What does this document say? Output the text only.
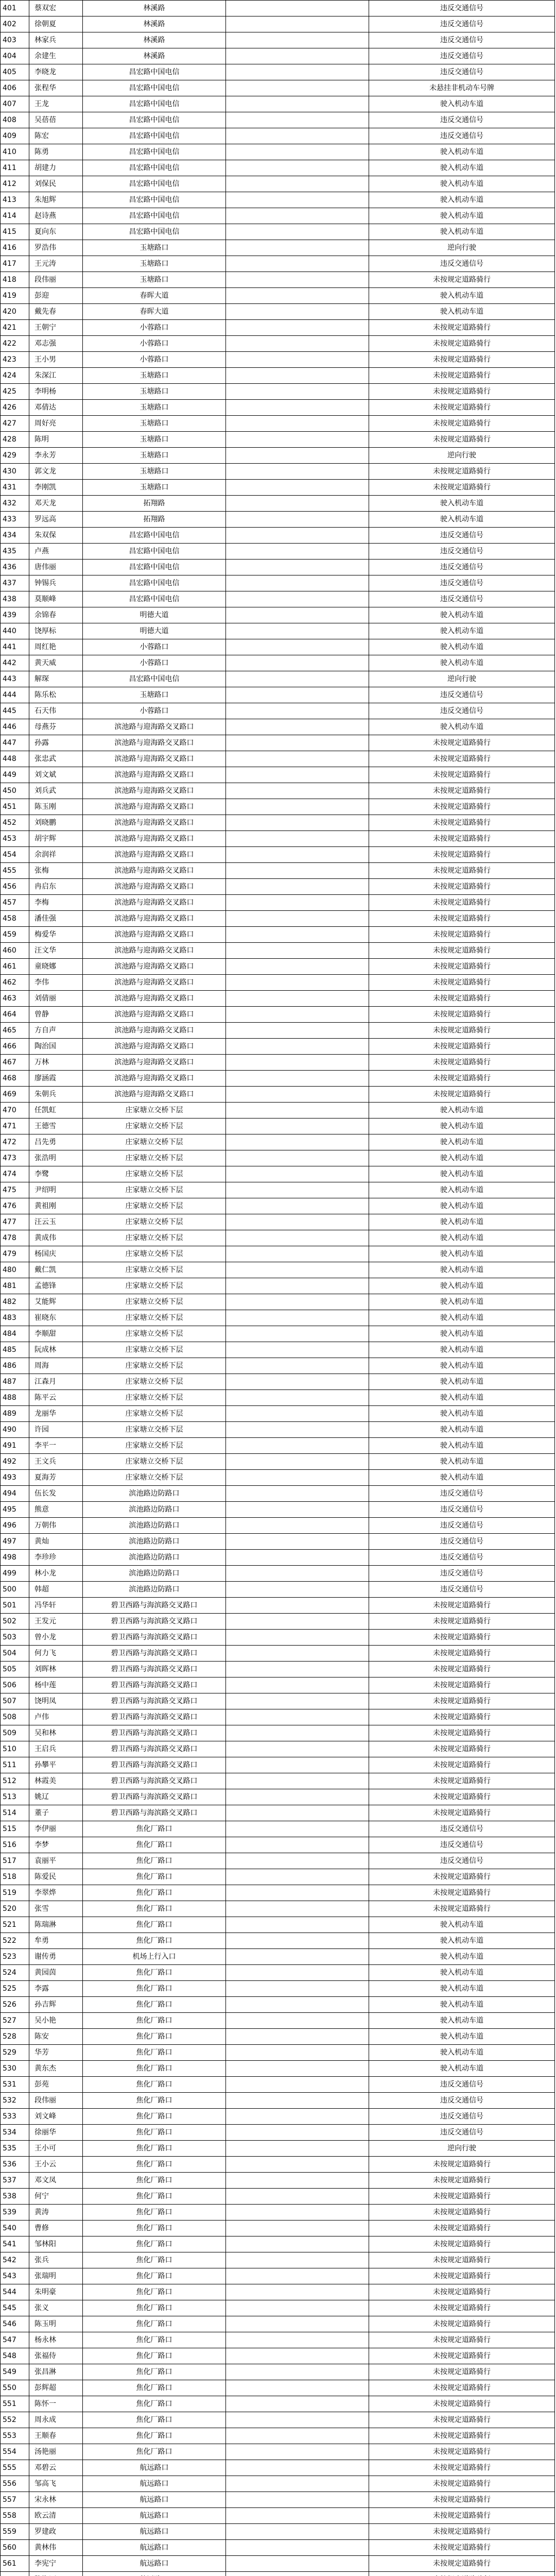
401	蔡双宏	林溪路		违反交通信号
402	徐朝夏	林溪路		违反交通信号
403	林家兵	林溪路		违反交通信号
404	余建生	林溪路		违反交通信号
405	李晓龙	昌宏路中国电信		违反交通信号
406	张程华	昌宏路中国电信		未悬挂非机动车号牌
407	王龙	昌宏路中国电信		驶入机动车道
408	吴蓓蓓	昌宏路中国电信		违反交通信号
409	陈宏	昌宏路中国电信		违反交通信号
410	陈勇	昌宏路中国电信		驶入机动车道
411	胡建力	昌宏路中国电信		驶入机动车道
412	刘保民	昌宏路中国电信		驶入机动车道
413	朱旭辉	昌宏路中国电信		驶入机动车道
414	赵诗燕	昌宏路中国电信		驶入机动车道
415	夏向东	昌宏路中国电信		驶入机动车道
416	罗浩伟	玉塘路口		逆向行驶
417	王元涛	玉塘路口		违反交通信号
418	段伟丽	玉塘路口		未按规定道路骑行
419	彭迎	春晖大道		驶入机动车道
420	戴先春	春晖大道		驶入机动车道
421	王朝宁	小蓉路口		未按规定道路骑行
422	邓志强	小蓉路口		未按规定道路骑行
423	王小男	小蓉路口		未按规定道路骑行
424	朱深江	玉塘路口		未按规定道路骑行
425	李明杨	玉塘路口		未按规定道路骑行
426	邓倩达	玉塘路口		未按规定道路骑行
427	周好亮	玉塘路口		未按规定道路骑行
428	陈明	玉塘路口		未按规定道路骑行
429	李永芳	玉塘路口		逆向行驶
430	郭文龙	玉塘路口		未按规定道路骑行
431	李刚凯	玉塘路口		未按规定道路骑行
432	邓天龙	拓翔路		驶入机动车道
433	罗远高	拓翔路		驶入机动车道
434	朱双保	昌宏路中国电信		违反交通信号
435	卢燕	昌宏路中国电信		违反交通信号
436	唐伟丽	昌宏路中国电信		违反交通信号
437	钟锡兵	昌宏路中国电信		违反交通信号
438	莫顺峰	昌宏路中国电信		违反交通信号
439	余锦春	明德大道		驶入机动车道
440	饶厚标	明德大道		驶入机动车道
441	周红艳	小蓉路口		驶入机动车道
442	黄天威	小蓉路口		驶入机动车道
443	解琛	昌宏路中国电信		逆向行驶
444	陈乐松	玉塘路口		违反交通信号
445	石天伟	小蓉路口		违反交通信号
446	母燕芬	滨池路与迎海路交叉路口		驶入机动车道
447	孙露	滨池路与迎海路交叉路口		未按规定道路骑行
448	张忠武	滨池路与迎海路交叉路口		未按规定道路骑行
449	刘文斌	滨池路与迎海路交叉路口		未按规定道路骑行
450	刘兵武	滨池路与迎海路交叉路口		未按规定道路骑行
451	陈玉刚	滨池路与迎海路交叉路口		未按规定道路骑行
452	刘晓鹏	滨池路与迎海路交叉路口		未按规定道路骑行
453	胡宇辉	滨池路与迎海路交叉路口		未按规定道路骑行
454	余润祥	滨池路与迎海路交叉路口		未按规定道路骑行
455	张梅	滨池路与迎海路交叉路口		未按规定道路骑行
456	冉启东	滨池路与迎海路交叉路口		未按规定道路骑行
457	李梅	滨池路与迎海路交叉路口		未按规定道路骑行
458	潘佳强	滨池路与迎海路交叉路口		未按规定道路骑行
459	梅爱华	滨池路与迎海路交叉路口		未按规定道路骑行
460	汪文华	滨池路与迎海路交叉路口		未按规定道路骑行
461	童晓娜	滨池路与迎海路交叉路口		未按规定道路骑行
462	李伟	滨池路与迎海路交叉路口		未按规定道路骑行
463	刘倩丽	滨池路与迎海路交叉路口		未按规定道路骑行
464	曾静	滨池路与迎海路交叉路口		未按规定道路骑行
465	方自声	滨池路与迎海路交叉路口		未按规定道路骑行
466	陶治国	滨池路与迎海路交叉路口		未按规定道路骑行
467	万林	滨池路与迎海路交叉路口		未按规定道路骑行
468	廖涵霞	滨池路与迎海路交叉路口		未按规定道路骑行
469	朱朝兵	滨池路与迎海路交叉路口		未按规定道路骑行
470	任凯虹	庄家塘立交桥下层		驶入机动车道
471	王德雪	庄家塘立交桥下层		驶入机动车道
472	吕先勇	庄家塘立交桥下层		驶入机动车道
473	张浩明	庄家塘立交桥下层		驶入机动车道
474	李鹭	庄家塘立交桥下层		驶入机动车道
475	尹绍明	庄家塘立交桥下层		驶入机动车道
476	黄祖刚	庄家塘立交桥下层		驶入机动车道
477	汪云玉	庄家塘立交桥下层		驶入机动车道
478	黄成伟	庄家塘立交桥下层		驶入机动车道
479	杨国庆	庄家塘立交桥下层		驶入机动车道
480	戴仁凯	庄家塘立交桥下层		驶入机动车道
481	孟德锋	庄家塘立交桥下层		驶入机动车道
482	艾能辉	庄家塘立交桥下层		驶入机动车道
483	崔晓东	庄家塘立交桥下层		驶入机动车道
484	李顺甜	庄家塘立交桥下层		驶入机动车道
485	阮成林	庄家塘立交桥下层		驶入机动车道
486	周海	庄家塘立交桥下层		驶入机动车道
487	江森月	庄家塘立交桥下层		驶入机动车道
488	陈平云	庄家塘立交桥下层		驶入机动车道
489	龙丽华	庄家塘立交桥下层		驶入机动车道
490	许园	庄家塘立交桥下层		驶入机动车道
491	李平一	庄家塘立交桥下层		驶入机动车道
492	王文兵	庄家塘立交桥下层		驶入机动车道
493	夏海芳	庄家塘立交桥下层		驶入机动车道
494	伍长发	滨池路边防路口		违反交通信号
495	熊意	滨池路边防路口		违反交通信号
496	万朝伟	滨池路边防路口		违反交通信号
497	黄灿	滨池路边防路口		违反交通信号
498	李珍珍	滨池路边防路口		违反交通信号
499	林小龙	滨池路边防路口		违反交通信号
500	韩超	滨池路边防路口		违反交通信号
501	冯华轩	碧卫西路与海滨路交叉路口		未按规定道路骑行
502	王发元	碧卫西路与海滨路交叉路口		未按规定道路骑行
503	曾小龙	碧卫西路与海滨路交叉路口		未按规定道路骑行
504	何力飞	碧卫西路与海滨路交叉路口		未按规定道路骑行
505	刘晖林	碧卫西路与海滨路交叉路口		未按规定道路骑行
506	杨中莲	碧卫西路与海滨路交叉路口		未按规定道路骑行
507	饶明凤	碧卫西路与海滨路交叉路口		未按规定道路骑行
508	卢伟	碧卫西路与海滨路交叉路口		未按规定道路骑行
509	吴和林	碧卫西路与海滨路交叉路口		未按规定道路骑行
510	王启兵	碧卫西路与海滨路交叉路口		未按规定道路骑行
511	孙攀平	碧卫西路与海滨路交叉路口		未按规定道路骑行
512	林霞美	碧卫西路与海滨路交叉路口		未按规定道路骑行
513	姚辽	碧卫西路与海滨路交叉路口		未按规定道路骑行
514	董子	碧卫西路与海滨路交叉路口		未按规定道路骑行
515	李伊丽	焦化厂路口		违反交通信号
516	李梦	焦化厂路口		违反交通信号
517	袁丽平	焦化厂路口		违反交通信号
518	陈爱民	焦化厂路口		未按规定道路骑行
519	李翠烨	焦化厂路口		未按规定道路骑行
520	张雪	焦化厂路口		未按规定道路骑行
521	陈瑞淋	焦化厂路口		驶入机动车道
522	牟勇	焦化厂路口		驶入机动车道
523	谢传勇	机场上行入口		驶入机动车道
524	黄园茵	焦化厂路口		驶入机动车道
525	李露	焦化厂路口		驶入机动车道
526	孙吉辉	焦化厂路口		驶入机动车道
527	吴小艳	焦化厂路口		驶入机动车道
528	陈安	焦化厂路口		驶入机动车道
529	华芳	焦化厂路口		驶入机动车道
530	黄东杰	焦化厂路口		驶入机动车道
531	彭苑	焦化厂路口		违反交通信号
532	段伟丽	焦化厂路口		违反交通信号
533	刘文峰	焦化厂路口		违反交通信号
534	徐丽华	焦化厂路口		违反交通信号
535	王小可	焦化厂路口		逆向行驶
536	王小云	焦化厂路口		未按规定道路骑行
537	邓文凤	焦化厂路口		未按规定道路骑行
538	何宁	焦化厂路口		未按规定道路骑行
539	黄涛	焦化厂路口		未按规定道路骑行
540	曹修	焦化厂路口		未按规定道路骑行
541	邹林阳	焦化厂路口		未按规定道路骑行
542	张兵	焦化厂路口		未按规定道路骑行
543	张瑞明	焦化厂路口		未按规定道路骑行
544	朱明豪	焦化厂路口		未按规定道路骑行
545	张义	焦化厂路口		未按规定道路骑行
546	陈玉明	焦化厂路口		未按规定道路骑行
547	杨永林	焦化厂路口		未按规定道路骑行
548	张福侍	焦化厂路口		未按规定道路骑行
549	张昌淋	焦化厂路口		未按规定道路骑行
550	彭辉超	焦化厂路口		未按规定道路骑行
551	陈怀一	焦化厂路口		未按规定道路骑行
552	周永成	焦化厂路口		未按规定道路骑行
553	王顺春	焦化厂路口		未按规定道路骑行
554	汤艳丽	焦化厂路口		未按规定道路骑行
555	邓碧云	航远路口		未按规定道路骑行
556	邹高飞	航远路口		未按规定道路骑行
557	宋永林	航远路口		未按规定道路骑行
558	欧云清	航远路口		未按规定道路骑行
559	罗建政	航远路口		未按规定道路骑行
560	黄林伟	航远路口		未按规定道路骑行
561	李宪宁	航远路口		未按规定道路骑行
